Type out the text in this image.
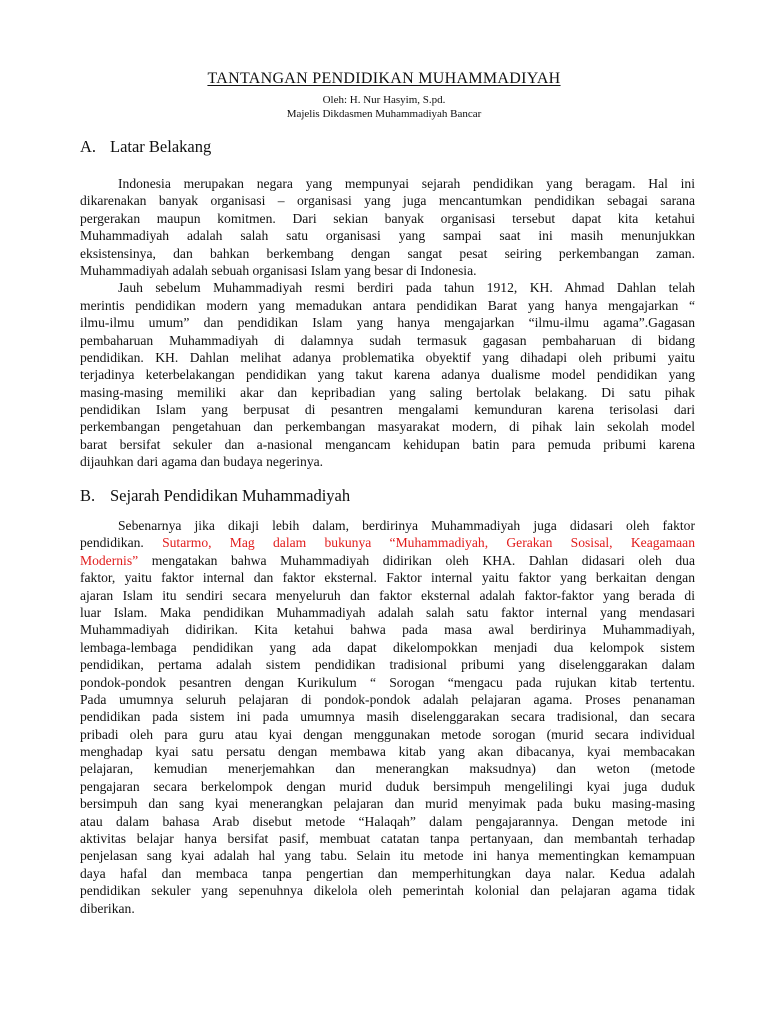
TANTANGAN PENDIDIKAN MUHAMMADIYAH
Oleh: H. Nur Hasyim, S.pd.
Majelis Dikdasmen Muhammadiyah Bancar
A. Latar Belakang
Indonesia merupakan negara yang mempunyai sejarah pendidikan yang beragam. Hal ini
dikarenakan banyak organisasi – organisasi yang juga mencantumkan pendidikan sebagai sarana
pergerakan maupun komitmen. Dari sekian banyak organisasi tersebut dapat kita ketahui
Muhammadiyah adalah salah satu organisasi yang sampai saat ini masih menunjukkan
eksistensinya, dan bahkan berkembang dengan sangat pesat seiring perkembangan zaman.
Muhammadiyah adalah sebuah organisasi Islam yang besar di Indonesia.
Jauh sebelum Muhammadiyah resmi berdiri pada tahun 1912, KH. Ahmad Dahlan telah
merintis pendidikan modern yang memadukan antara pendidikan Barat yang hanya mengajarkan “
ilmu-ilmu umum” dan pendidikan Islam yang hanya mengajarkan “ilmu-ilmu agama”.Gagasan
pembaharuan Muhammadiyah di dalamnya sudah termasuk gagasan pembaharuan di bidang
pendidikan. KH. Dahlan melihat adanya problematika obyektif yang dihadapi oleh pribumi yaitu
terjadinya keterbelakangan pendidikan yang takut karena adanya dualisme model pendidikan yang
masing-masing memiliki akar dan kepribadian yang saling bertolak belakang. Di satu pihak
pendidikan Islam yang berpusat di pesantren mengalami kemunduran karena terisolasi dari
perkembangan pengetahuan dan perkembangan masyarakat modern, di pihak lain sekolah model
barat bersifat sekuler dan a-nasional mengancam kehidupan batin para pemuda pribumi karena
dijauhkan dari agama dan budaya negerinya.
B. Sejarah Pendidikan Muhammadiyah
Sebenarnya jika dikaji lebih dalam, berdirinya Muhammadiyah juga didasari oleh faktor
pendidikan. Sutarmo, Mag dalam bukunya “Muhammadiyah, Gerakan Sosisal, Keagamaan
Modernis” mengatakan bahwa Muhammadiyah didirikan oleh KHA. Dahlan didasari oleh dua
faktor, yaitu faktor internal dan faktor eksternal. Faktor internal yaitu faktor yang berkaitan dengan
ajaran Islam itu sendiri secara menyeluruh dan faktor eksternal adalah faktor-faktor yang berada di
luar Islam. Maka pendidikan Muhammadiyah adalah salah satu faktor internal yang mendasari
Muhammadiyah didirikan. Kita ketahui bahwa pada masa awal berdirinya Muhammadiyah,
lembaga-lembaga pendidikan yang ada dapat dikelompokkan menjadi dua kelompok sistem
pendidikan, pertama adalah sistem pendidikan tradisional pribumi yang diselenggarakan dalam
pondok-pondok pesantren dengan Kurikulum “ Sorogan “mengacu pada rujukan kitab tertentu.
Pada umumnya seluruh pelajaran di pondok-pondok adalah pelajaran agama. Proses penanaman
pendidikan pada sistem ini pada umumnya masih diselenggarakan secara tradisional, dan secara
pribadi oleh para guru atau kyai dengan menggunakan metode sorogan (murid secara individual
menghadap kyai satu persatu dengan membawa kitab yang akan dibacanya, kyai membacakan
pelajaran, kemudian menerjemahkan dan menerangkan maksudnya) dan weton (metode
pengajaran secara berkelompok dengan murid duduk bersimpuh mengelilingi kyai juga duduk
bersimpuh dan sang kyai menerangkan pelajaran dan murid menyimak pada buku masing-masing
atau dalam bahasa Arab disebut metode “Halaqah” dalam pengajarannya. Dengan metode ini
aktivitas belajar hanya bersifat pasif, membuat catatan tanpa pertanyaan, dan membantah terhadap
penjelasan sang kyai adalah hal yang tabu. Selain itu metode ini hanya mementingkan kemampuan
daya hafal dan membaca tanpa pengertian dan memperhitungkan daya nalar. Kedua adalah
pendidikan sekuler yang sepenuhnya dikelola oleh pemerintah kolonial dan pelajaran agama tidak
diberikan.
